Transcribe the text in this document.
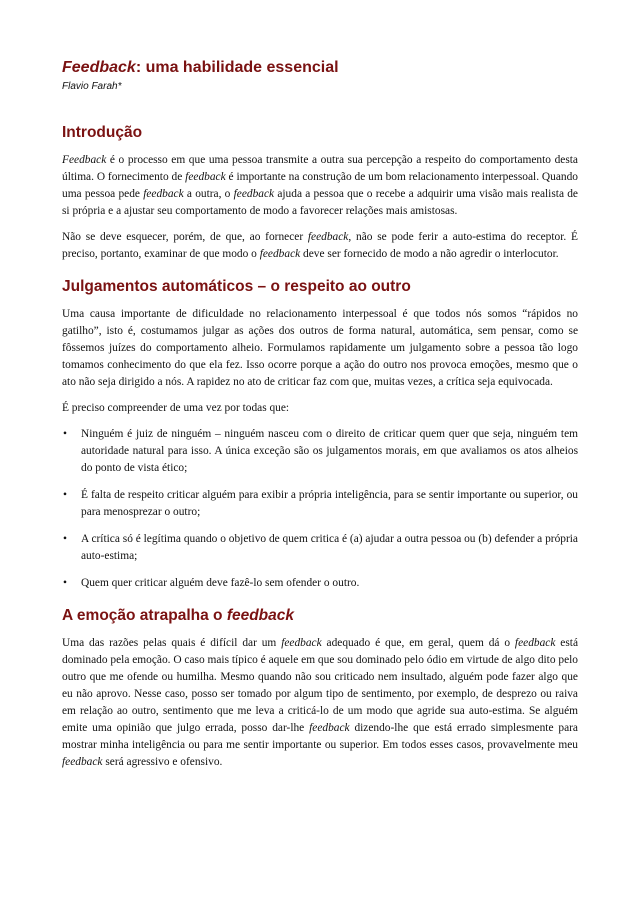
Feedback: uma habilidade essencial
Flavio Farah*
Introdução

Feedback é o processo em que uma pessoa transmite a outra sua percepção a respeito do comportamento desta última. O fornecimento de feedback é importante na construção de um bom relacionamento interpessoal. Quando uma pessoa pede feedback a outra, o feedback ajuda a pessoa que o recebe a adquirir uma visão mais realista de si própria e a ajustar seu comportamento de modo a favorecer relações mais amistosas.

Não se deve esquecer, porém, de que, ao fornecer feedback, não se pode ferir a auto-estima do receptor. É preciso, portanto, examinar de que modo o feedback deve ser fornecido de modo a não agredir o interlocutor.

Julgamentos automáticos – o respeito ao outro

Uma causa importante de dificuldade no relacionamento interpessoal é que todos nós somos “rápidos no gatilho”, isto é, costumamos julgar as ações dos outros de forma natural, automática, sem pensar, como se fôssemos juízes do comportamento alheio. Formulamos rapidamente um julgamento sobre a pessoa tão logo tomamos conhecimento do que ela fez. Isso ocorre porque a ação do outro nos provoca emoções, mesmo que o ato não seja dirigido a nós. A rapidez no ato de criticar faz com que, muitas vezes, a crítica seja equivocada.

É preciso compreender de uma vez por todas que:

• Ninguém é juiz de ninguém – ninguém nasceu com o direito de criticar quem quer que seja, ninguém tem autoridade natural para isso. A única exceção são os julgamentos morais, em que avaliamos os atos alheios do ponto de vista ético;
• É falta de respeito criticar alguém para exibir a própria inteligência, para se sentir importante ou superior, ou para menosprezar o outro;
• A crítica só é legítima quando o objetivo de quem critica é (a) ajudar a outra pessoa ou (b) defender a própria auto-estima;
• Quem quer criticar alguém deve fazê-lo sem ofender o outro.
A emoção atrapalha o feedback

Uma das razões pelas quais é difícil dar um feedback adequado é que, em geral, quem dá o feedback está dominado pela emoção. O caso mais típico é aquele em que sou dominado pelo ódio em virtude de algo dito pelo outro que me ofende ou humilha. Mesmo quando não sou criticado nem insultado, alguém pode fazer algo que eu não aprovo. Nesse caso, posso ser tomado por algum tipo de sentimento, por exemplo, de desprezo ou raiva em relação ao outro, sentimento que me leva a criticá-lo de um modo que agride sua auto-estima. Se alguém emite uma opinião que julgo errada, posso dar-lhe feedback dizendo-lhe que está errado simplesmente para mostrar minha inteligência ou para me sentir importante ou superior. Em todos esses casos, provavelmente meu feedback será agressivo e ofensivo.
